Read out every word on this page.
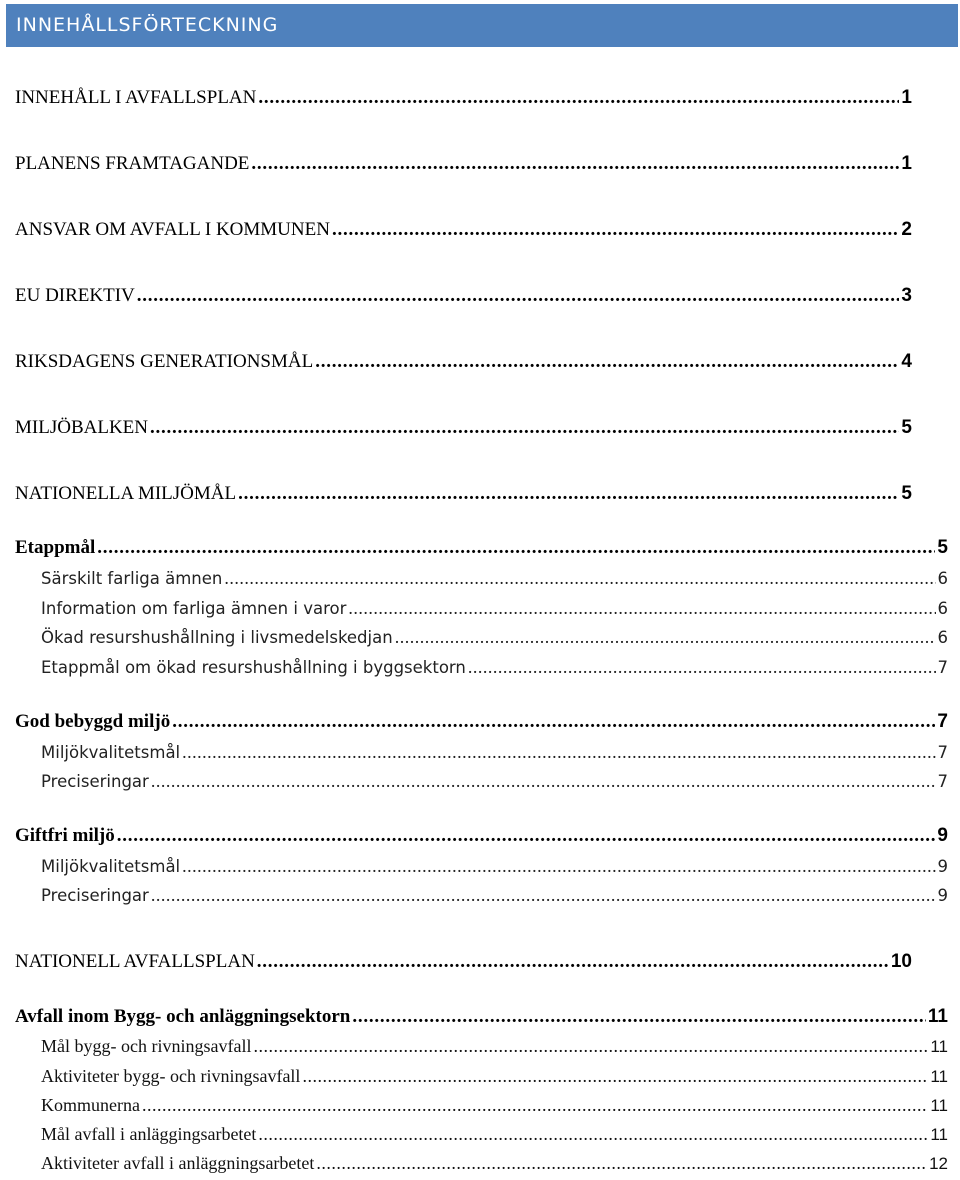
INNEHÅLLSFÖRTECKNING
INNEHÅLL I AVFALLSPLAN . . .	1
PLANENS FRAMTAGANDE . . .	1
ANSVAR OM AVFALL I KOMMUNEN . . .	2
EU DIREKTIV . . .	3
RIKSDAGENS GENERATIONSMÅL . . .	4
MILJÖBALKEN . . .	5
NATIONELLA MILJÖMÅL . . .	5
Etappmål . . .	5
Särskilt farliga ämnen . . .	6
Information om farliga ämnen i varor . . .	6
Ökad resurshushållning i livsmedelskedjan . . .	6
Etappmål om ökad resurshushållning i byggsektorn . . .	7
God bebyggd miljö . . .	7
Miljökvalitetsmål . . .	7
Preciseringar . . .	7
Giftfri miljö . . .	9
Miljökvalitetsmål . . .	9
Preciseringar . . .	9
NATIONELL AVFALLSPLAN . . .	10
Avfall inom Bygg- och anläggningsektorn . . .	11
Mål bygg- och rivningsavfall . . .	11
Aktiviteter bygg- och rivningsavfall . . .	11
Kommunerna . . .	11
Mål avfall i anläggingsarbetet . . .	11
Aktiviteter avfall i anläggningsarbetet . . .	12
